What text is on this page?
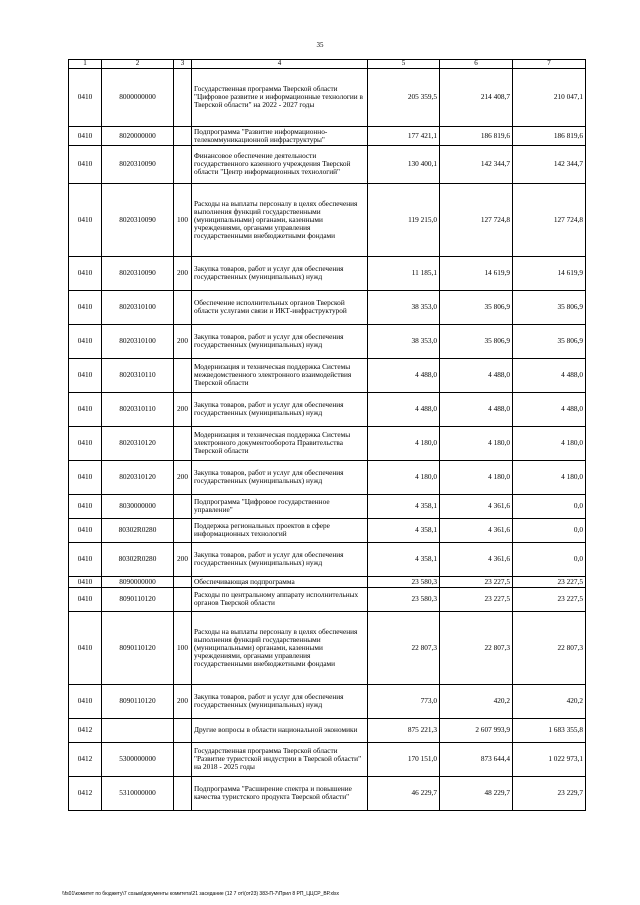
35
1	2	3	4	5	6	7
0410	8000000000		Государственная программа Тверской области "Цифровое развитие и информационные технологии в Тверской области" на 2022 - 2027 годы	205 359,5	214 408,7	210 047,1
0410	8020000000		Подпрограмма "Развитие информационно-телекоммуникационной инфраструктуры"	177 421,1	186 819,6	186 819,6
0410	8020310090		Финансовое обеспечение деятельности государственного казенного учреждения Тверской области "Центр информационных технологий"	130 400,1	142 344,7	142 344,7
0410	8020310090	100	Расходы на выплаты персоналу в целях обеспечения выполнения функций государственными (муниципальными) органами, казенными учреждениями, органами управления государственными внебюджетными фондами	119 215,0	127 724,8	127 724,8
0410	8020310090	200	Закупка товаров, работ и услуг для обеспечения государственных (муниципальных) нужд	11 185,1	14 619,9	14 619,9
0410	8020310100		Обеспечение исполнительных органов Тверской области услугами связи и ИКТ-инфраструктурой	38 353,0	35 806,9	35 806,9
0410	8020310100	200	Закупка товаров, работ и услуг для обеспечения государственных (муниципальных) нужд	38 353,0	35 806,9	35 806,9
0410	8020310110		Модернизация и техническая поддержка Системы межведомственного электронного взаимодействия Тверской области	4 488,0	4 488,0	4 488,0
0410	8020310110	200	Закупка товаров, работ и услуг для обеспечения государственных (муниципальных) нужд	4 488,0	4 488,0	4 488,0
0410	8020310120		Модернизация и техническая поддержка Системы электронного документооборота Правительства Тверской области	4 180,0	4 180,0	4 180,0
0410	8020310120	200	Закупка товаров, работ и услуг для обеспечения государственных (муниципальных) нужд	4 180,0	4 180,0	4 180,0
0410	8030000000		Подпрограмма "Цифровое государственное управление"	4 358,1	4 361,6	0,0
0410	80302R0280		Поддержка региональных проектов в сфере информационных технологий	4 358,1	4 361,6	0,0
0410	80302R0280	200	Закупка товаров, работ и услуг для обеспечения государственных (муниципальных) нужд	4 358,1	4 361,6	0,0
0410	8090000000		Обеспечивающая подпрограмма	23 580,3	23 227,5	23 227,5
0410	8090110120		Расходы по центральному аппарату исполнительных органов Тверской области	23 580,3	23 227,5	23 227,5
0410	8090110120	100	Расходы на выплаты персоналу в целях обеспечения выполнения функций государственными (муниципальными) органами, казенными учреждениями, органами управления государственными внебюджетными фондами	22 807,3	22 807,3	22 807,3
0410	8090110120	200	Закупка товаров, работ и услуг для обеспечения государственных (муниципальных) нужд	773,0	420,2	420,2
0412			Другие вопросы в области национальной экономики	875 221,3	2 607 993,9	1 683 355,8
0412	5300000000		Государственная программа Тверской области "Развитие туристской индустрии в Тверской области" на 2018 - 2025 годы	170 151,0	873 644,4	1 022 973,1
0412	5310000000		Подпрограмма "Расширение спектра и повышение качества туристского продукта Тверской области"	46 229,7	48 229,7	23 229,7
\\fs01\комитет по бюджету\7 созыв\документы комитета\21 заседание (12 7 от\(от23) 383-П-7\Прил 8 РП_ЦЦСР_ВР.xlsx
